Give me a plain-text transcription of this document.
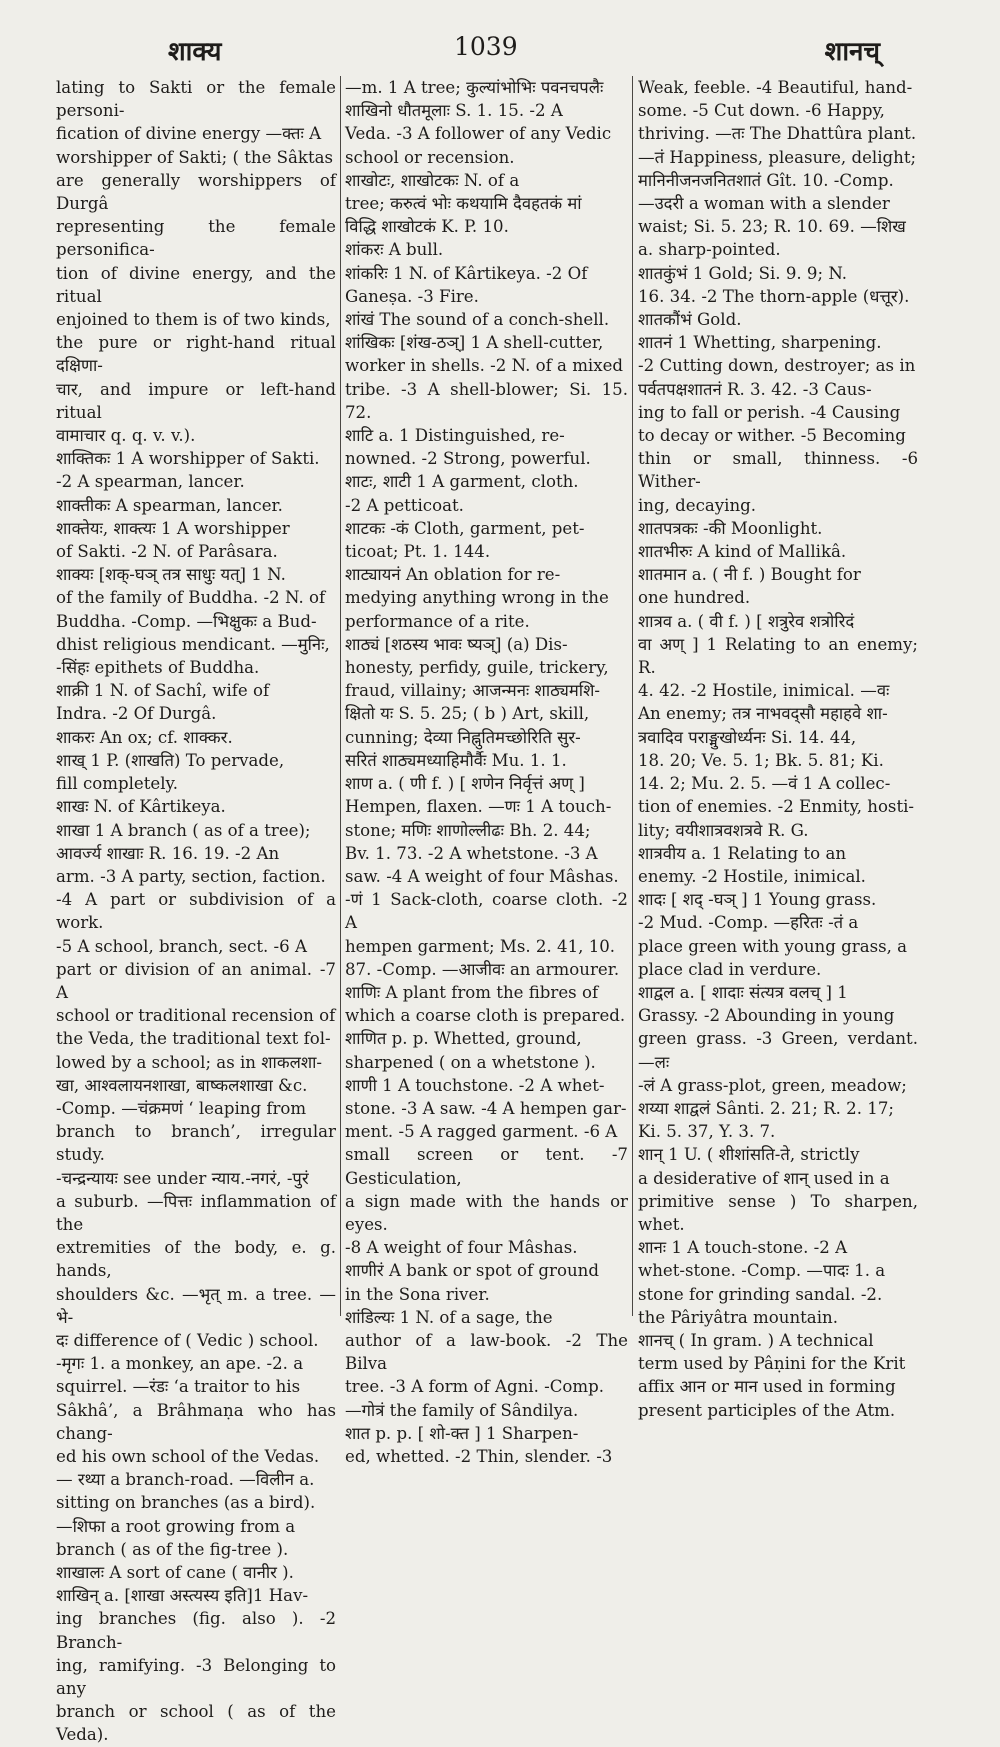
शाक्य	1039	शानच्

lating to Sakti or the female personi-

fication of divine energy —क्तः A

worshipper of Sakti; ( the Sâktas

are generally worshippers of Durgâ

representing the female personifica-

tion of divine energy, and the ritual

enjoined to them is of two kinds,

the pure or right-hand ritual दक्षिणा-

चार, and impure or left-hand ritual

वामाचार q. q. v. v.).

शाक्तिकः 1 A worshipper of Sakti.

-2 A spearman, lancer.

शाक्तीकः A spearman, lancer.

शाक्तेयः, शाक्त्यः 1 A worshipper

of Sakti. -2 N. of Parâsara.

शाक्यः [शक्-घञ् तत्र साधुः यत्] 1 N.

of the family of Buddha. -2 N. of

Buddha. -Comp. —भिक्षुकः a Bud-

dhist religious mendicant. —मुनिः,

-सिंहः epithets of Buddha.

शाक्री 1 N. of Sachî, wife of

Indra. -2 Of Durgâ.

शाकरः An ox; cf. शाक्कर.

शाख् 1 P. (शाखति) To pervade,

fill completely.

शाखः N. of Kârtikeya.

शाखा 1 A branch ( as of a tree);

आवर्ज्य शाखाः R. 16. 19. -2 An

arm. -3 A party, section, faction.

-4 A part or subdivision of a work.

-5 A school, branch, sect. -6 A

part or division of an animal. -7 A

school or traditional recension of

the Veda, the traditional text fol-

lowed by a school; as in शाकलशा-

खा, आश्वलायनशाखा, बाष्कलशाखा &c.

-Comp. —चंक्रमणं ‘ leaping from

branch to branch’, irregular study.

-चन्द्रन्यायः see under न्याय.-नगरं, -पुरं

a suburb. —पित्तः inflammation of the

extremities of the body, e. g. hands,

shoulders &c. —भृत् m. a tree. —भे-

दः difference of ( Vedic ) school.

-मृगः 1. a monkey, an ape. -2. a

squirrel. —रंडः ‘a traitor to his

Sâkhâ’, a Brâhmaṇa who has chang-

ed his own school of the Vedas.

— रथ्या a branch-road. —विलीन a.

sitting on branches (as a bird).

—शिफा a root growing from a

branch ( as of the fig-tree ).

शाखालः A sort of cane ( वानीर ).

शाखिन् a. [शाखा अस्त्यस्य इति]1 Hav-

ing branches (fig. also ). -2 Branch-

ing, ramifying. -3 Belonging to any

branch or school ( as of the Veda).

—m. 1 A tree; कुल्यांभोभिः पवनचपलैः

शाखिनो धौतमूलाः S. 1. 15. -2 A

Veda. -3 A follower of any Vedic

school or recension.

शाखोटः, शाखोटकः N. of a

tree; करुत्वं भोः कथयामि दैवहतकं मां

विद्धि शाखोटकं K. P. 10.

शांकरः A bull.

शांकरिः 1 N. of Kârtikeya. -2 Of

Ganeṣa. -3 Fire.

शांखं The sound of a conch-shell.

शांखिकः [शंख-ठञ्] 1 A shell-cutter,

worker in shells. -2 N. of a mixed

tribe. -3 A shell-blower; Si. 15. 72.

शाटि a. 1 Distinguished, re-

nowned. -2 Strong, powerful.

शाटः, शाटी 1 A garment, cloth.

-2 A petticoat.

शाटकः -कं Cloth, garment, pet-

ticoat; Pt. 1. 144.

शाट्यायनं An oblation for re-

medying anything wrong in the

performance of a rite.

शाठ्यं [शठस्य भावः ष्यञ्] (a) Dis-

honesty, perfidy, guile, trickery,

fraud, villainy; आजन्मनः शाठ्यमशि-

क्षितो यः S. 5. 25; ( b ) Art, skill,

cunning; देव्या निह्नुतिमच्छोरिति सुर-

सरितं शाठ्यमध्याहिमौर्वैः Mu. 1. 1.

शाण a. ( णी f. ) [ शणेन निर्वृत्तं अण् ]

Hempen, flaxen. —णः 1 A touch-

stone; मणिः शाणोल्लीढः Bh. 2. 44;

Bv. 1. 73. -2 A whetstone. -3 A

saw. -4 A weight of four Mâshas.

-णं 1 Sack-cloth, coarse cloth. -2 A

hempen garment; Ms. 2. 41, 10.

87. -Comp. —आजीवः an armourer.

शाणिः A plant from the fibres of

which a coarse cloth is prepared.

शाणित p. p. Whetted, ground,

sharpened ( on a whetstone ).

शाणी 1 A touchstone. -2 A whet-

stone. -3 A saw. -4 A hempen gar-

ment. -5 A ragged garment. -6 A

small screen or tent. -7 Gesticulation,

a sign made with the hands or eyes.

-8 A weight of four Mâshas.

शाणीरं A bank or spot of ground

in the Sona river.

शांडिल्यः 1 N. of a sage, the

author of a law-book. -2 The Bilva

tree. -3 A form of Agni. -Comp.

—गोत्रं the family of Sândilya.

शात p. p. [ शो-क्त ] 1 Sharpen-

ed, whetted. -2 Thin, slender. -3

Weak, feeble. -4 Beautiful, hand-

some. -5 Cut down. -6 Happy,

thriving. —तः The Dhattûra plant.

—तं Happiness, pleasure, delight;

मानिनीजनजनितशातं Gît. 10. -Comp.

—उदरी a woman with a slender

waist; Si. 5. 23; R. 10. 69. —शिख

a. sharp-pointed.

शातकुंभं 1 Gold; Si. 9. 9; N.

16. 34. -2 The thorn-apple (धत्तूर).

शातकौंभं Gold.

शातनं 1 Whetting, sharpening.

-2 Cutting down, destroyer; as in

पर्वतपक्षशातनं R. 3. 42. -3 Caus-

ing to fall or perish. -4 Causing

to decay or wither. -5 Becoming

thin or small, thinness. -6 Wither-

ing, decaying.

शातपत्रकः -की Moonlight.

शातभीरुः A kind of Mallikâ.

शातमान a. ( नी f. ) Bought for

one hundred.

शात्रव a. ( वी f. ) [ शत्रुरेव शत्रोरिदं

वा अण् ] 1 Relating to an enemy; R.

4. 42. -2 Hostile, inimical. —वः

An enemy; तत्र नाभवद्सौ महाहवे शा-

त्रवादिव पराङ्मुखोर्ध्यनः Si. 14. 44,

18. 20; Ve. 5. 1; Bk. 5. 81; Ki.

14. 2; Mu. 2. 5. —वं 1 A collec-

tion of enemies. -2 Enmity, hosti-

lity; वयीशात्रवशत्रवे R. G.

शात्रवीय a. 1 Relating to an

enemy. -2 Hostile, inimical.

शादः [ शद् -घञ् ] 1 Young grass.

-2 Mud. -Comp. —हरितः -तं a

place green with young grass, a

place clad in verdure.

शाद्वल a. [ शादाः संत्यत्र वलच् ] 1

Grassy. -2 Abounding in young

green grass. -3 Green, verdant. —लः

-लं A grass-plot, green, meadow;

शय्या शाद्वलं Sânti. 2. 21; R. 2. 17;

Ki. 5. 37, Y. 3. 7.

शान् 1 U. ( शीशांसति-ते, strictly

a desiderative of शान् used in a

primitive sense ) To sharpen, whet.

शानः 1 A touch-stone. -2 A

whet-stone. -Comp. —पादः 1. a

stone for grinding sandal. -2.

the Pâriyâtra mountain.

शानच् ( In gram. ) A technical

term used by Pâṇini for the Krit

affix आन or मान used in forming

present participles of the Atm.
